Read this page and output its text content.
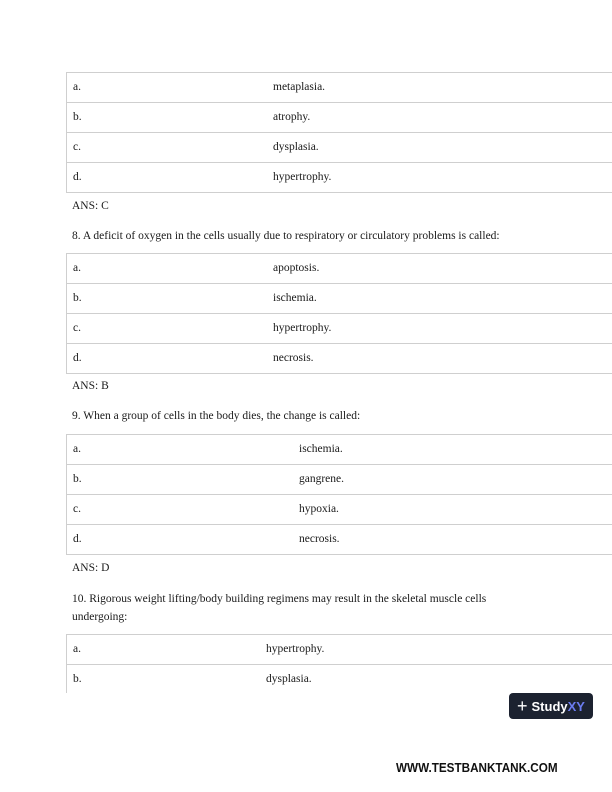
a.	metaplasia.
b.	atrophy.
c.	dysplasia.
d.	hypertrophy.
ANS: C
8. A deficit of oxygen in the cells usually due to respiratory or circulatory problems is called:
a.	apoptosis.
b.	ischemia.
c.	hypertrophy.
d.	necrosis.
ANS: B
9. When a group of cells in the body dies, the change is called:
a.	ischemia.
b.	gangrene.
c.	hypoxia.
d.	necrosis.
ANS: D
10. Rigorous weight lifting/body building regimens may result in the skeletal muscle cells undergoing:
a.	hypertrophy.
b.	dysplasia.
+ StudyXY
WWW.TESTBANKTANK.COM
